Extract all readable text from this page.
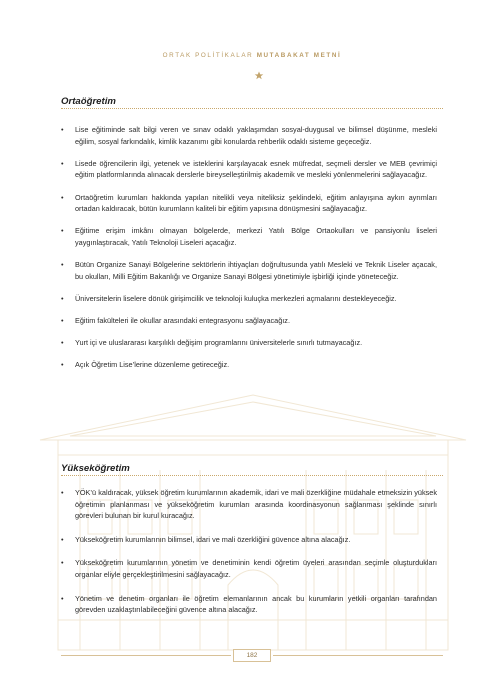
ORTAK POLİTİKALAR MUTABAKAT METNİ
Ortaöğretim
• Lise eğitiminde salt bilgi veren ve sınav odaklı yaklaşımdan sosyal-duygusal ve bilimsel düşünme, mesleki eğilim, sosyal farkındalık, kimlik kazanımı gibi konularda rehberlik odaklı sisteme geçeceğiz.
• Lisede öğrencilerin ilgi, yetenek ve isteklerini karşılayacak esnek müfredat, seçmeli dersler ve MEB çevrimiçi eğitim platformlarında alınacak derslerle bireyselleştirilmiş akademik ve mesleki yönlenmelerini sağlayacağız.
• Ortaöğretim kurumları hakkında yapılan nitelikli veya niteliksiz şeklindeki, eğitim anlayışına aykırı ayrımları ortadan kaldıracak, bütün kurumların kaliteli bir eğitim yapısına dönüşmesini sağlayacağız.
• Eğitime erişim imkânı olmayan bölgelerde, merkezi Yatılı Bölge Ortaokulları ve pansiyonlu liseleri yaygınlaştıracak, Yatılı Teknoloji Liseleri açacağız.
• Bütün Organize Sanayi Bölgelerine sektörlerin ihtiyaçları doğrultusunda yatılı Mesleki ve Teknik Liseler açacak, bu okulları, Milli Eğitim Bakanlığı ve Organize Sanayi Bölgesi yönetimiyle işbirliği içinde yöneteceğiz.
• Üniversitelerin liselere dönük girişimcilik ve teknoloji kuluçka merkezleri açmalarını destekleyeceğiz.
• Eğitim fakülteleri ile okullar arasındaki entegrasyonu sağlayacağız.
• Yurt içi ve uluslararası karşılıklı değişim programlarını üniversitelerle sınırlı tutmayacağız.
• Açık Öğretim Lise’lerine düzenleme getireceğiz.
Yükseköğretim
• YÖK’ü kaldıracak, yüksek öğretim kurumlarının akademik, idari ve mali özerkliğine müdahale etmeksizin yüksek öğretimin planlanması ve yükseköğretim kurumları arasında koordinasyonun sağlanması şeklinde sınırlı görevleri bulunan bir kurul kuracağız.
• Yükseköğretim kurumlarının bilimsel, idari ve mali özerkliğini güvence altına alacağız.
• Yükseköğretim kurumlarının yönetim ve denetiminin kendi öğretim üyeleri arasından seçimle oluşturdukları organlar eliyle gerçekleştirilmesini sağlayacağız.
• Yönetim ve denetim organları ile öğretim elemanlarının ancak bu kurumların yetkili organları tarafından görevden uzaklaştırılabileceğini güvence altına alacağız.
182
